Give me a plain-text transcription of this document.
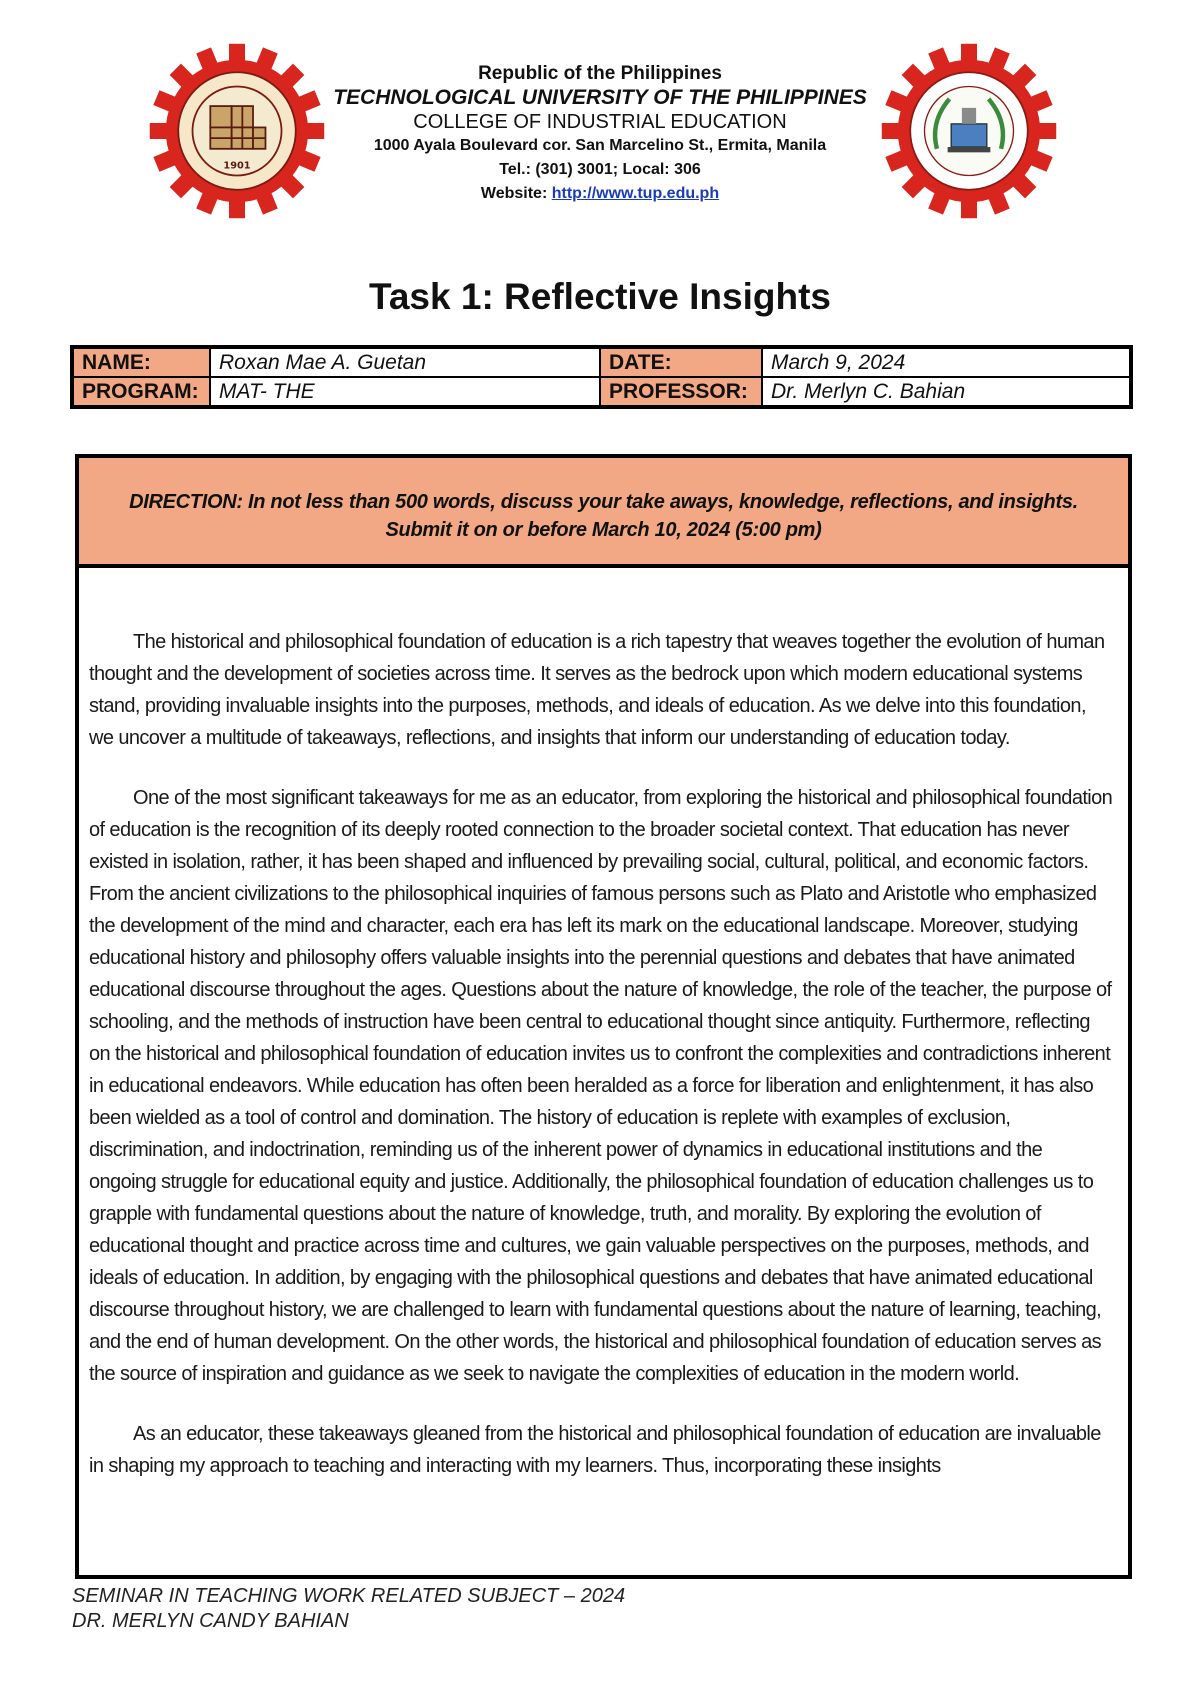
1901
Republic of the Philippines
TECHNOLOGICAL UNIVERSITY OF THE PHILIPPINES
COLLEGE OF INDUSTRIAL EDUCATION
1000 Ayala Boulevard cor. San Marcelino St., Ermita, Manila
Tel.: (301) 3001; Local: 306
Website: http://www.tup.edu.ph
Task 1: Reflective Insights
NAME:	Roxan Mae A. Guetan	DATE:	March 9, 2024
PROGRAM:	MAT- THE	PROFESSOR:	Dr. Merlyn C. Bahian
DIRECTION: In not less than 500 words, discuss your take aways, knowledge, reflections, and insights.
Submit it on or before March 10, 2024 (5:00 pm)

The historical and philosophical foundation of education is a rich tapestry that weaves together the evolution of human thought and the development of societies across time. It serves as the bedrock upon which modern educational systems stand, providing invaluable insights into the purposes, methods, and ideals of education. As we delve into this foundation, we uncover a multitude of takeaways, reflections, and insights that inform our understanding of education today.

One of the most significant takeaways for me as an educator, from exploring the historical and philosophical foundation of education is the recognition of its deeply rooted connection to the broader societal context. That education has never existed in isolation, rather, it has been shaped and influenced by prevailing social, cultural, political, and economic factors. From the ancient civilizations to the philosophical inquiries of famous persons such as Plato and Aristotle who emphasized the development of the mind and character, each era has left its mark on the educational landscape. Moreover, studying educational history and philosophy offers valuable insights into the perennial questions and debates that have animated educational discourse throughout the ages. Questions about the nature of knowledge, the role of the teacher, the purpose of schooling, and the methods of instruction have been central to educational thought since antiquity. Furthermore, reflecting on the historical and philosophical foundation of education invites us to confront the complexities and contradictions inherent in educational endeavors. While education has often been heralded as a force for liberation and enlightenment, it has also been wielded as a tool of control and domination. The history of education is replete with examples of exclusion, discrimination, and indoctrination, reminding us of the inherent power of dynamics in educational institutions and the ongoing struggle for educational equity and justice. Additionally, the philosophical foundation of education challenges us to grapple with fundamental questions about the nature of knowledge, truth, and morality. By exploring the evolution of educational thought and practice across time and cultures, we gain valuable perspectives on the purposes, methods, and ideals of education. In addition, by engaging with the philosophical questions and debates that have animated educational discourse throughout history, we are challenged to learn with fundamental questions about the nature of learning, teaching, and the end of human development. On the other words, the historical and philosophical foundation of education serves as the source of inspiration and guidance as we seek to navigate the complexities of education in the modern world.

As an educator, these takeaways gleaned from the historical and philosophical foundation of education are invaluable in shaping my approach to teaching and interacting with my learners. Thus, incorporating these insights

SEMINAR IN TEACHING WORK RELATED SUBJECT – 2024
DR. MERLYN CANDY BAHIAN
